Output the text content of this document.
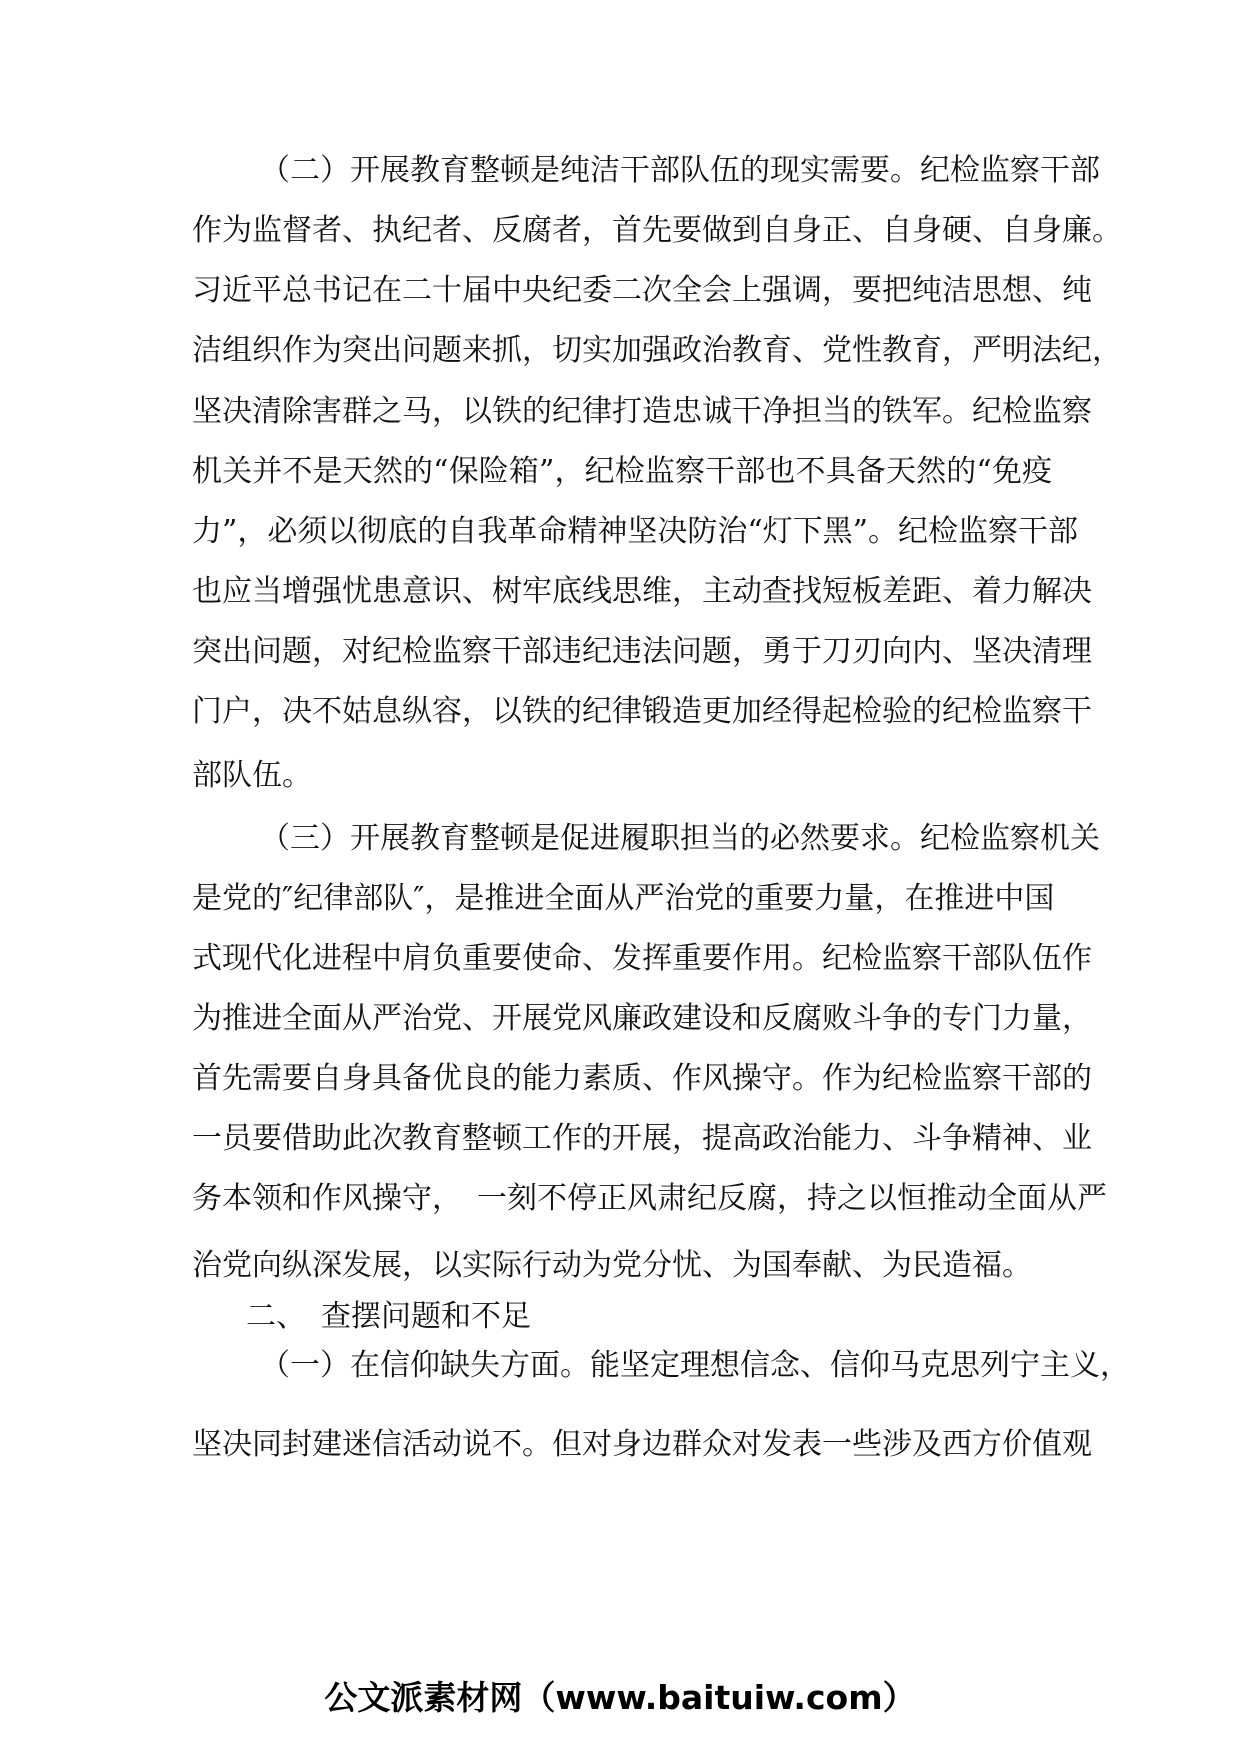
（二）开展教育整顿是纯洁干部队伍的现实需要。纪检监察干部
作为监督者、执纪者、反腐者，首先要做到自身正、自身硬、自身廉。
习近平总书记在二十届中央纪委二次全会上强调，要把纯洁思想、纯
洁组织作为突出问题来抓，切实加强政治教育、党性教育，严明法纪，
坚决清除害群之马，以铁的纪律打造忠诚干净担当的铁军。纪检监察
机关并不是天然的“保险箱”，纪检监察干部也不具备天然的“免疫
力”，必须以彻底的自我革命精神坚决防治“灯下黑”。纪检监察干部
也应当增强忧患意识、树牢底线思维，主动查找短板差距、着力解决
突出问题，对纪检监察干部违纪违法问题，勇于刀刃向内、坚决清理
门户，决不姑息纵容，以铁的纪律锻造更加经得起检验的纪检监察干
部队伍。
（三）开展教育整顿是促进履职担当的必然要求。纪检监察机关
是党的″纪律部队″，是推进全面从严治党的重要力量，在推进中国
式现代化进程中肩负重要使命、发挥重要作用。纪检监察干部队伍作
为推进全面从严治党、开展党风廉政建设和反腐败斗争的专门力量，
首先需要自身具备优良的能力素质、作风操守。作为纪检监察干部的
一员要借助此次教育整顿工作的开展，提高政治能力、斗争精神、业
务本领和作风操守，　一刻不停正风肃纪反腐，持之以恒推动全面从严
治党向纵深发展，以实际行动为党分忧、为国奉献、为民造福。
二、　查摆问题和不足
（一）在信仰缺失方面。能坚定理想信念、信仰马克思列宁主义，
坚决同封建迷信活动说不。但对身边群众对发表一些涉及西方价值观
公文派素材网（www.baituiw.com）
